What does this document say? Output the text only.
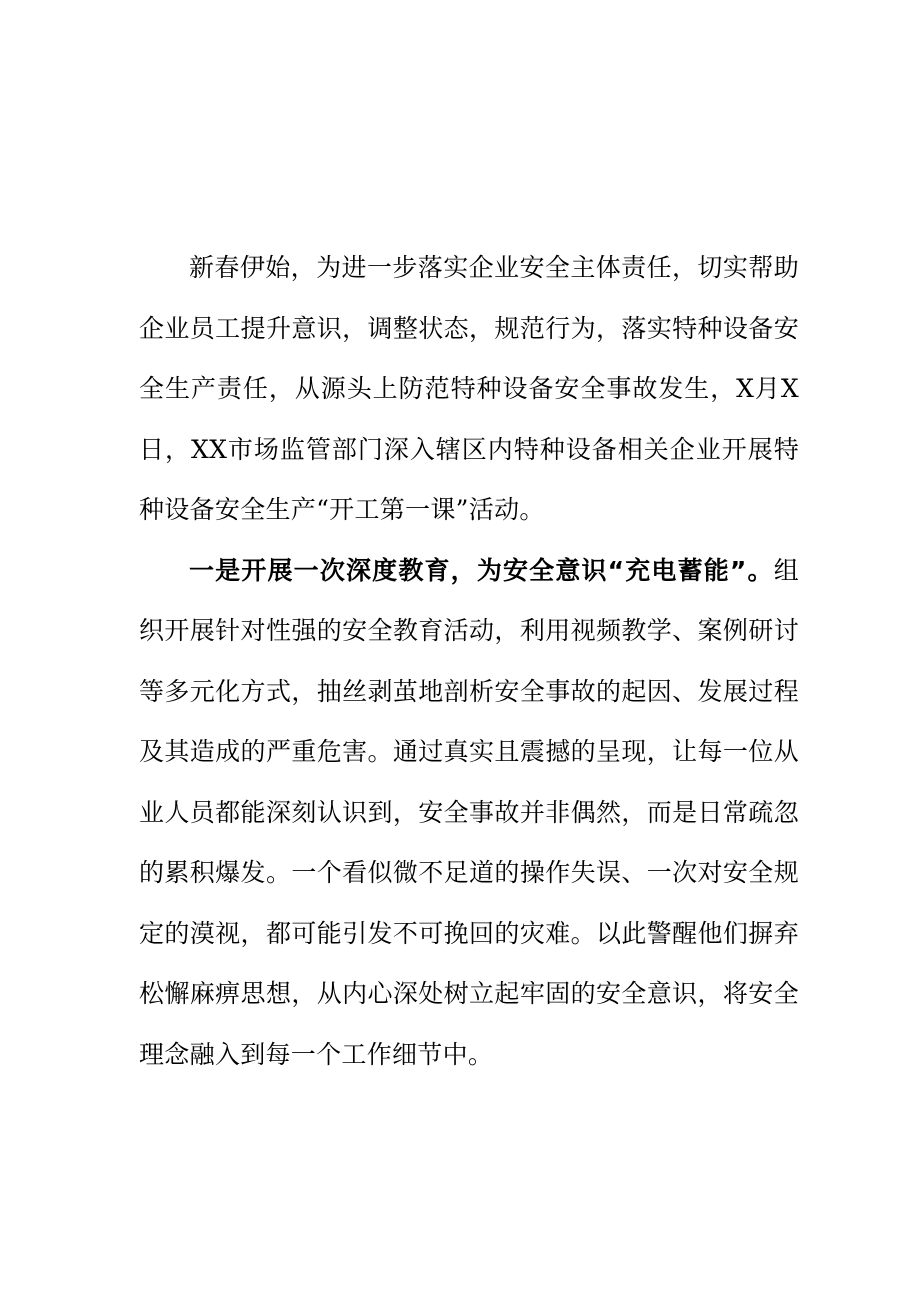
新春伊始，为进一步落实企业安全主体责任，切实帮助企业员工提升意识，调整状态，规范行为，落实特种设备安全生产责任，从源头上防范特种设备安全事故发生，X月X日，XX市场监管部门深入辖区内特种设备相关企业开展特种设备安全生产“开工第一课”活动。

一是开展一次深度教育，为安全意识“充电蓄能”。组织开展针对性强的安全教育活动，利用视频教学、案例研讨等多元化方式，抽丝剥茧地剖析安全事故的起因、发展过程及其造成的严重危害。通过真实且震撼的呈现，让每一位从业人员都能深刻认识到，安全事故并非偶然，而是日常疏忽的累积爆发。一个看似微不足道的操作失误、一次对安全规定的漠视，都可能引发不可挽回的灾难。以此警醒他们摒弃松懈麻痹思想，从内心深处树立起牢固的安全意识，将安全理念融入到每一个工作细节中。
